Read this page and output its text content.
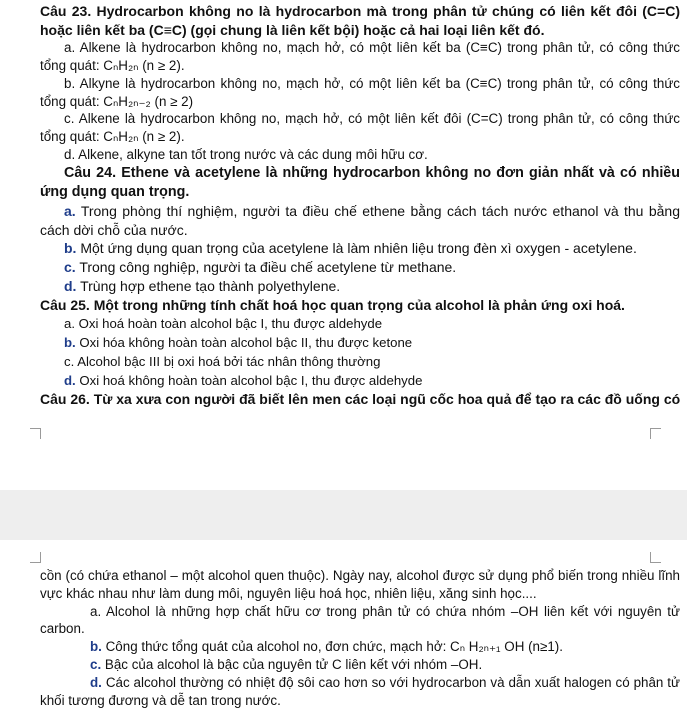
Câu 23. Hydrocarbon không no là hydrocarbon mà trong phân tử chúng có liên kết đôi (C=C) hoặc liên kết ba (C≡C) (gọi chung là liên kết bội) hoặc cả hai loại liên kết đó.

a. Alkene là hydrocarbon không no, mạch hở, có một liên kết ba (C≡C) trong phân tử, có công thức tổng quát: CₙH₂ₙ (n ≥ 2).

b. Alkyne là hydrocarbon không no, mạch hở, có một liên kết ba (C≡C) trong phân tử, có công thức tổng quát: CₙH₂ₙ₋₂ (n ≥ 2)

c. Alkene là hydrocarbon không no, mạch hở, có một liên kết đôi (C=C) trong phân tử, có công thức tổng quát: CₙH₂ₙ (n ≥ 2).

d. Alkene, alkyne tan tốt trong nước và các dung môi hữu cơ.

Câu 24. Ethene và acetylene là những hydrocarbon không no đơn giản nhất và có nhiều ứng dụng quan trọng.

a. Trong phòng thí nghiệm, người ta điều chế ethene bằng cách tách nước ethanol và thu bằng cách dời chỗ của nước.

b. Một ứng dụng quan trọng của acetylene là làm nhiên liệu trong đèn xì oxygen - acetylene.

c. Trong công nghiệp, người ta điều chế acetylene từ methane.

d. Trùng hợp ethene tạo thành polyethylene.

Câu 25. Một trong những tính chất hoá học quan trọng của alcohol là phản ứng oxi hoá.

a. Oxi hoá hoàn toàn alcohol bậc I, thu được aldehyde

b. Oxi hóa không hoàn toàn alcohol bậc II, thu được ketone

c. Alcohol bậc III bị oxi hoá bởi tác nhân thông thường

d. Oxi hoá không hoàn toàn alcohol bậc I, thu được aldehyde

Câu 26. Từ xa xưa con người đã biết lên men các loại ngũ cốc hoa quả để tạo ra các đồ uống có

cồn (có chứa ethanol – một alcohol quen thuộc). Ngày nay, alcohol được sử dụng phổ biến trong nhiều lĩnh vực khác nhau như làm dung môi, nguyên liệu hoá học, nhiên liệu, xăng sinh học....

a. Alcohol là những hợp chất hữu cơ trong phân tử có chứa nhóm –OH liên kết với nguyên tử carbon.

b. Công thức tổng quát của alcohol no, đơn chức, mạch hở: Cₙ H₂ₙ₊₁ OH (n≥1).

c. Bậc của alcohol là bậc của nguyên tử C liên kết với nhóm –OH.

d. Các alcohol thường có nhiệt độ sôi cao hơn so với hydrocarbon và dẫn xuất halogen có phân tử khối tương đương và dễ tan trong nước.
